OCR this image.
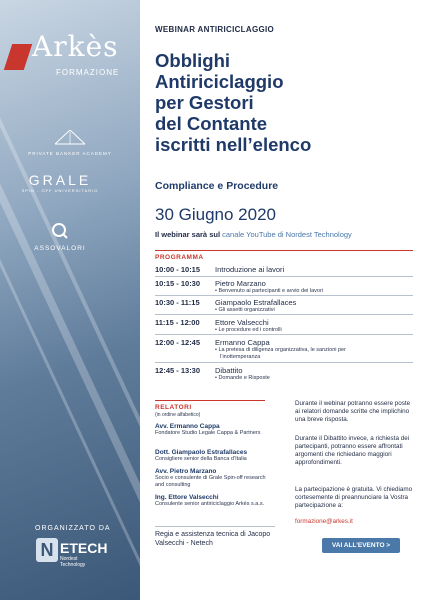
Arkès
FORMAZIONE
PRIVATE BANKER ACADEMY
GRALE
SPIN - OFF UNIVERSITARIO
ASSOVALORI
ORGANIZZATO DA
N ETECH
Nordest Technology
WEBINAR ANTIRICICLAGGIO
Obblighi
Antiriciclaggio
per Gestori
del Contante
iscritti nell’elenco
Compliance e Procedure
30 Giugno 2020
Il webinar sarà sul canale YouTube di Nordest Technology
PROGRAMMA
10:00 - 10:15 Introduzione ai lavori
10:15 - 10:30 Pietro Marzano
• Benvenuto ai partecipanti e avvio dei lavori
10:30 - 11:15 Giampaolo Estrafallaces
• Gli assetti organizzativi
11:15 - 12:00 Ettore Valsecchi
• Le procedure ed i controlli
12:00 - 12:45 Ermanno Cappa
• La pretesa di diligenza organizzativa, le sanzioni per
l’inottemperanza
12:45 - 13:30 Dibattito
• Domande e Risposte
RELATORI
(in ordine alfabetico)
Avv. Ermanno Cappa
Fondatore Studio Legale Cappa & Partners
Dott. Giampaolo Estrafallaces
Consigliere senior della Banca d’Italia
Avv. Pietro Marzano
Socio e consulente di Grale Spin-off research and consulting
Ing. Ettore Valsecchi
Consulente senior antiriciclaggio Arkès s.a.s.
Regia e assistenza tecnica di Jacopo Valsecchi - Netech
Durante il webinar potranno essere poste ai relatori domande scritte che implichino una breve risposta.
Durante il Dibattito invece, a richiesta dei partecipanti, potranno essere affrontati argomenti che richiedano maggiori approfondimenti.
La partecipazione è gratuita. Vi chiediamo cortesemente di preannunciare la Vostra partecipazione a:
formazione@arkes.it
VAI ALL’EVENTO >
